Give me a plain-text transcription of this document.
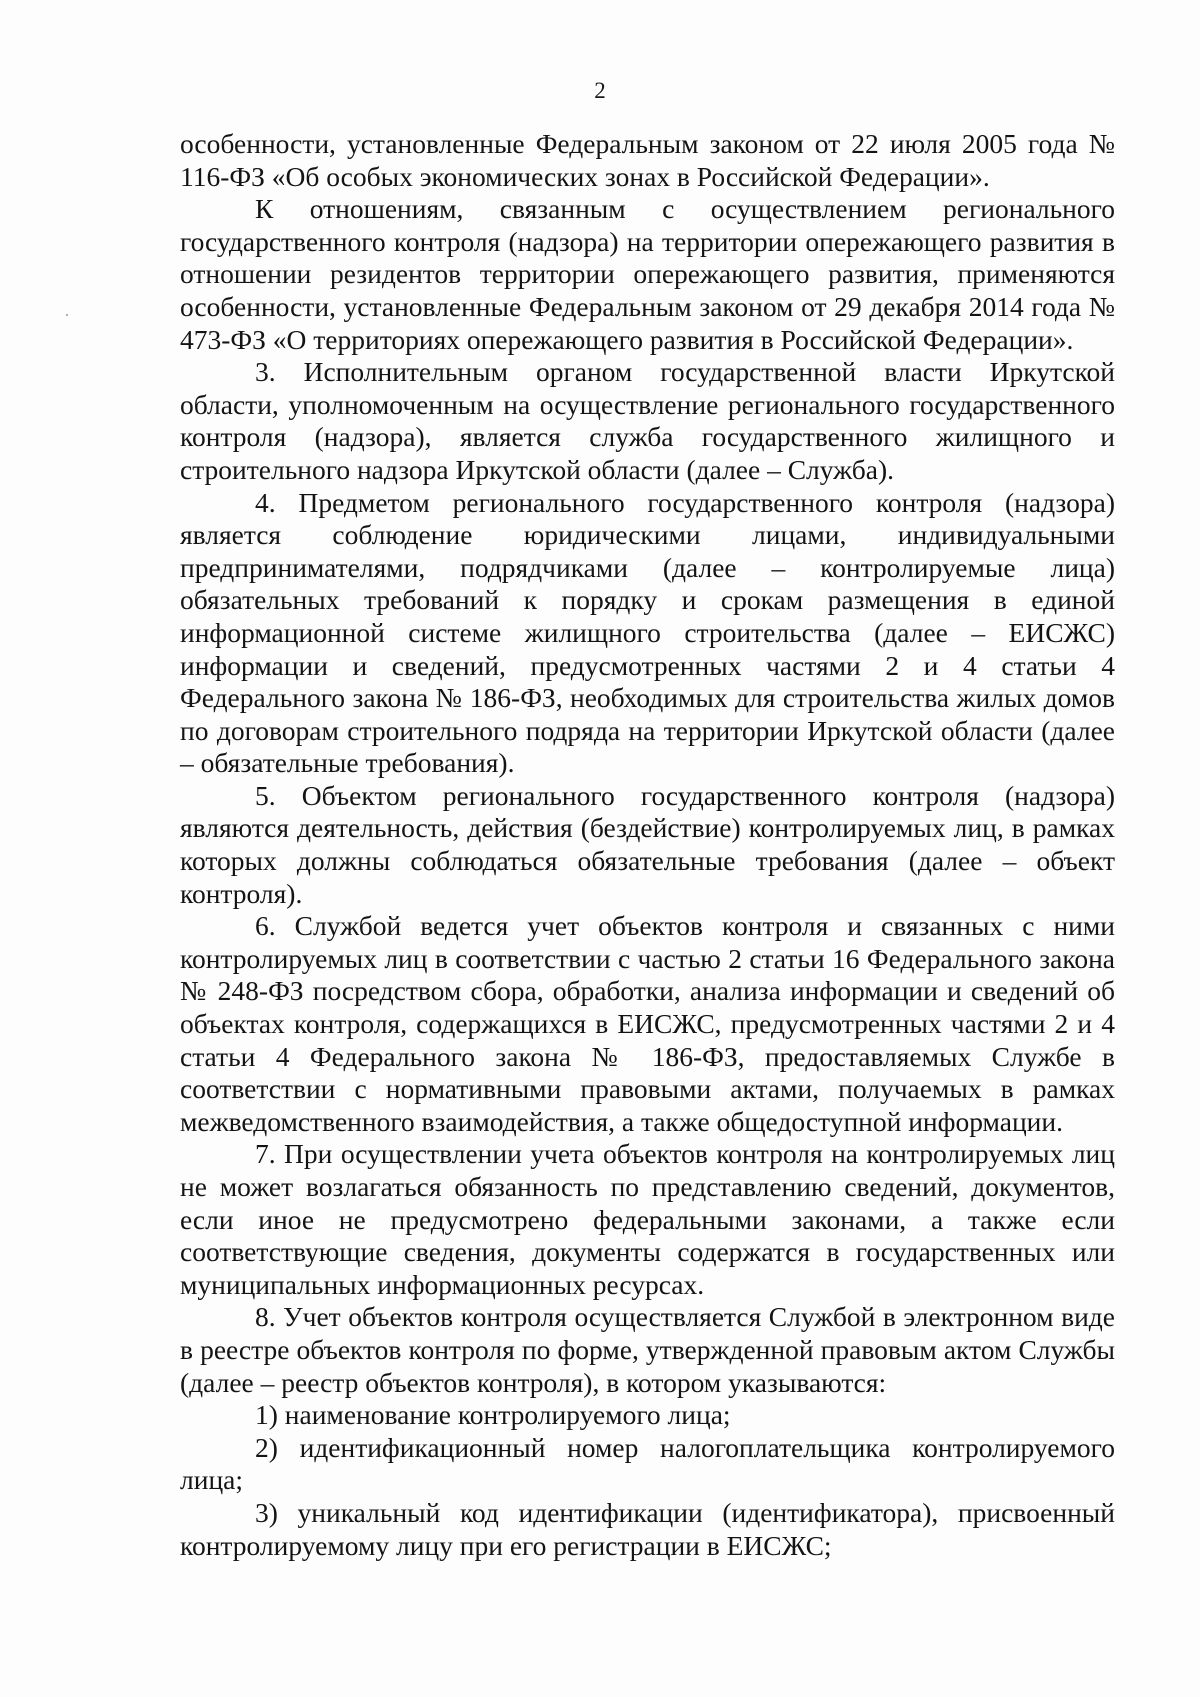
2

особенности, установленные Федеральным законом от 22 июля 2005 года № 116-ФЗ «Об особых экономических зонах в Российской Федерации».

К отношениям, связанным с осуществлением регионального государственного контроля (надзора) на территории опережающего развития в отношении резидентов территории опережающего развития, применяются особенности, установленные Федеральным законом от 29 декабря 2014 года № 473-ФЗ «О территориях опережающего развития в Российской Федерации».

3. Исполнительным органом государственной власти Иркутской области, уполномоченным на осуществление регионального государственного контроля (надзора), является служба государственного жилищного и строительного надзора Иркутской области (далее – Служба).

4. Предметом регионального государственного контроля (надзора) является соблюдение юридическими лицами, индивидуальными предпринимателями, подрядчиками (далее – контролируемые лица) обязательных требований к порядку и срокам размещения в единой информационной системе жилищного строительства (далее – ЕИСЖС) информации и сведений, предусмотренных частями 2 и 4 статьи 4 Федерального закона № 186-ФЗ, необходимых для строительства жилых домов по договорам строительного подряда на территории Иркутской области (далее – обязательные требования).

5. Объектом регионального государственного контроля (надзора) являются деятельность, действия (бездействие) контролируемых лиц, в рамках которых должны соблюдаться обязательные требования (далее – объект контроля).

6. Службой ведется учет объектов контроля и связанных с ними контролируемых лиц в соответствии с частью 2 статьи 16 Федерального закона № 248-ФЗ посредством сбора, обработки, анализа информации и сведений об объектах контроля, содержащихся в ЕИСЖС, предусмотренных частями 2 и 4 статьи 4 Федерального закона № 186-ФЗ, предоставляемых Службе в соответствии с нормативными правовыми актами, получаемых в рамках межведомственного взаимодействия, а также общедоступной информации.

7. При осуществлении учета объектов контроля на контролируемых лиц не может возлагаться обязанность по представлению сведений, документов, если иное не предусмотрено федеральными законами, а также если соответствующие сведения, документы содержатся в государственных или муниципальных информационных ресурсах.

8. Учет объектов контроля осуществляется Службой в электронном виде в реестре объектов контроля по форме, утвержденной правовым актом Службы (далее – реестр объектов контроля), в котором указываются:

1) наименование контролируемого лица;

2) идентификационный номер налогоплательщика контролируемого лица;

3) уникальный код идентификации (идентификатора), присвоенный контролируемому лицу при его регистрации в ЕИСЖС;
